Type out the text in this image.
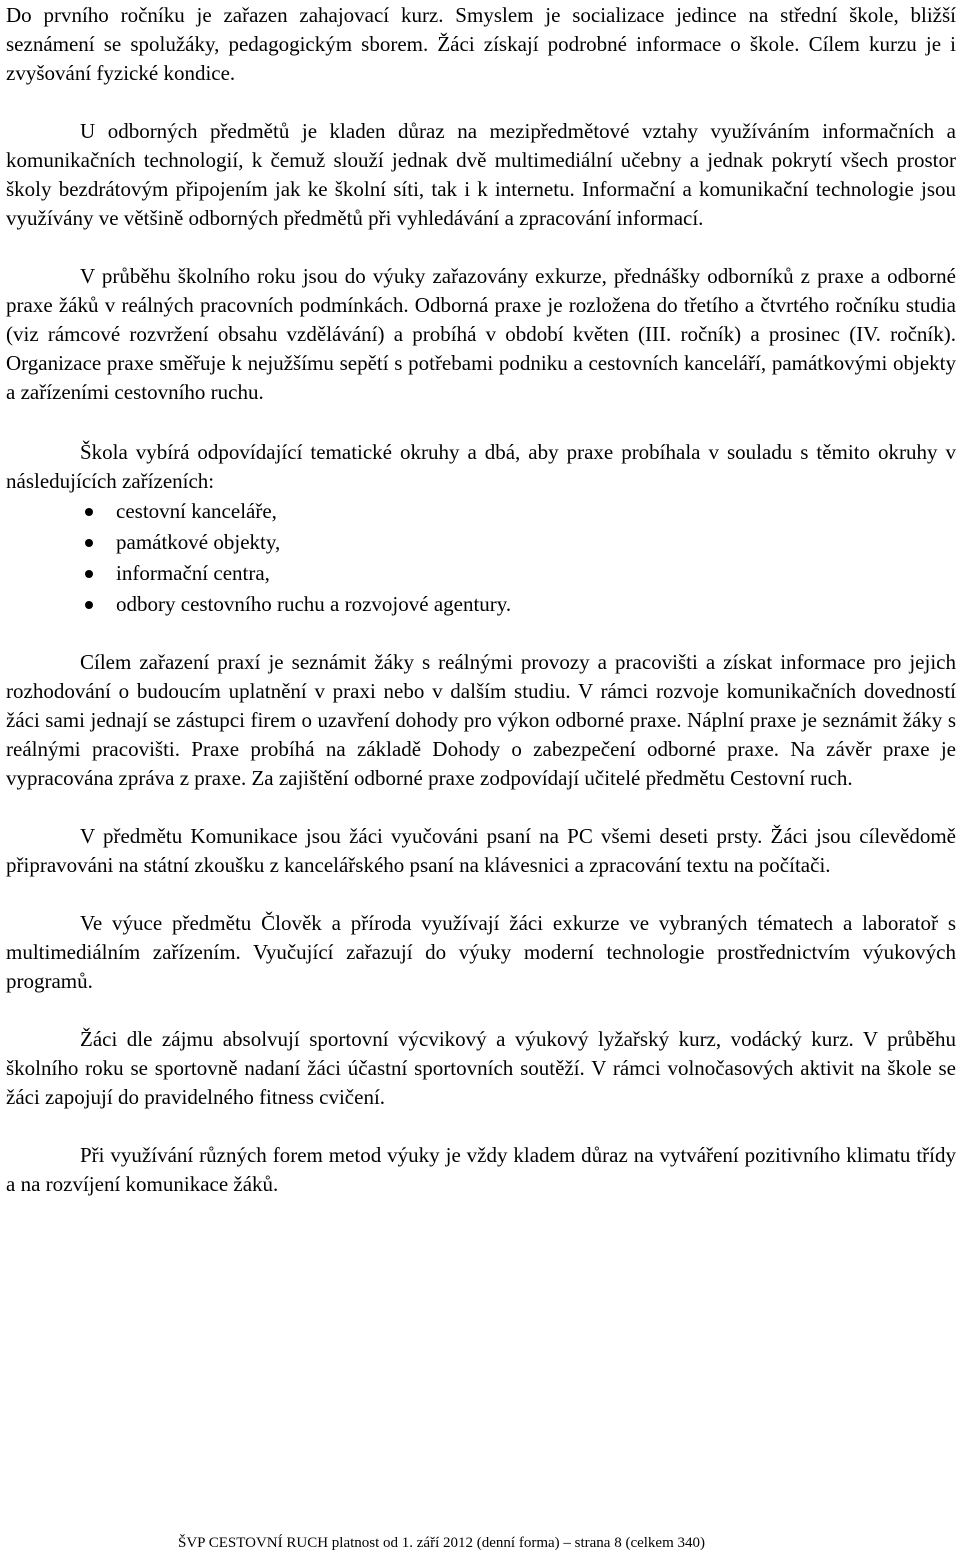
Do prvního ročníku je zařazen zahajovací kurz. Smyslem je socializace jedince na střední škole, bližší seznámení se spolužáky, pedagogickým sborem. Žáci získají podrobné informace o škole. Cílem kurzu je i zvyšování fyzické kondice.

U odborných předmětů je kladen důraz na mezipředmětové vztahy využíváním informačních a komunikačních technologií, k čemuž slouží jednak dvě multimediální učebny a jednak pokrytí všech prostor školy bezdrátovým připojením jak ke školní síti, tak i k internetu. Informační a komunikační technologie jsou využívány ve většině odborných předmětů při vyhledávání a zpracování informací.

V průběhu školního roku jsou do výuky zařazovány exkurze, přednášky odborníků z praxe a odborné praxe žáků v reálných pracovních podmínkách. Odborná praxe je rozložena do třetího a čtvrtého ročníku studia (viz rámcové rozvržení obsahu vzdělávání) a probíhá v období květen (III. ročník) a prosinec (IV. ročník). Organizace praxe směřuje k nejužšímu sepětí s potřebami podniku a cestovních kanceláří, památkovými objekty a zařízeními cestovního ruchu.

Škola vybírá odpovídající tematické okruhy a dbá, aby praxe probíhala v souladu s těmito okruhy v následujících zařízeních:

cestovní kanceláře,
památkové objekty,
informační centra,
odbory cestovního ruchu a rozvojové agentury.

Cílem zařazení praxí je seznámit žáky s reálnými provozy a pracovišti a získat informace pro jejich rozhodování o budoucím uplatnění v praxi nebo v dalším studiu. V rámci rozvoje komunikačních dovedností žáci sami jednají se zástupci firem o uzavření dohody pro výkon odborné praxe. Náplní praxe je seznámit žáky s reálnými pracovišti. Praxe probíhá na základě Dohody o zabezpečení odborné praxe. Na závěr praxe je vypracována zpráva z praxe. Za zajištění odborné praxe zodpovídají učitelé předmětu Cestovní ruch.

V předmětu Komunikace jsou žáci vyučováni psaní na PC všemi deseti prsty. Žáci jsou cílevědomě připravováni na státní zkoušku z kancelářského psaní na klávesnici a zpracování textu na počítači.

Ve výuce předmětu Člověk a příroda využívají žáci exkurze ve vybraných tématech a laboratoř s multimediálním zařízením. Vyučující zařazují do výuky moderní technologie prostřednictvím výukových programů.

Žáci dle zájmu absolvují sportovní výcvikový a výukový lyžařský kurz, vodácký kurz. V průběhu školního roku se sportovně nadaní žáci účastní sportovních soutěží. V rámci volnočasových aktivit na škole se žáci zapojují do pravidelného fitness cvičení.

Při využívání různých forem metod výuky je vždy kladem důraz na vytváření pozitivního klimatu třídy a na rozvíjení komunikace žáků.

ŠVP CESTOVNÍ RUCH platnost od 1. září 2012 (denní forma) – strana 8 (celkem 340)
